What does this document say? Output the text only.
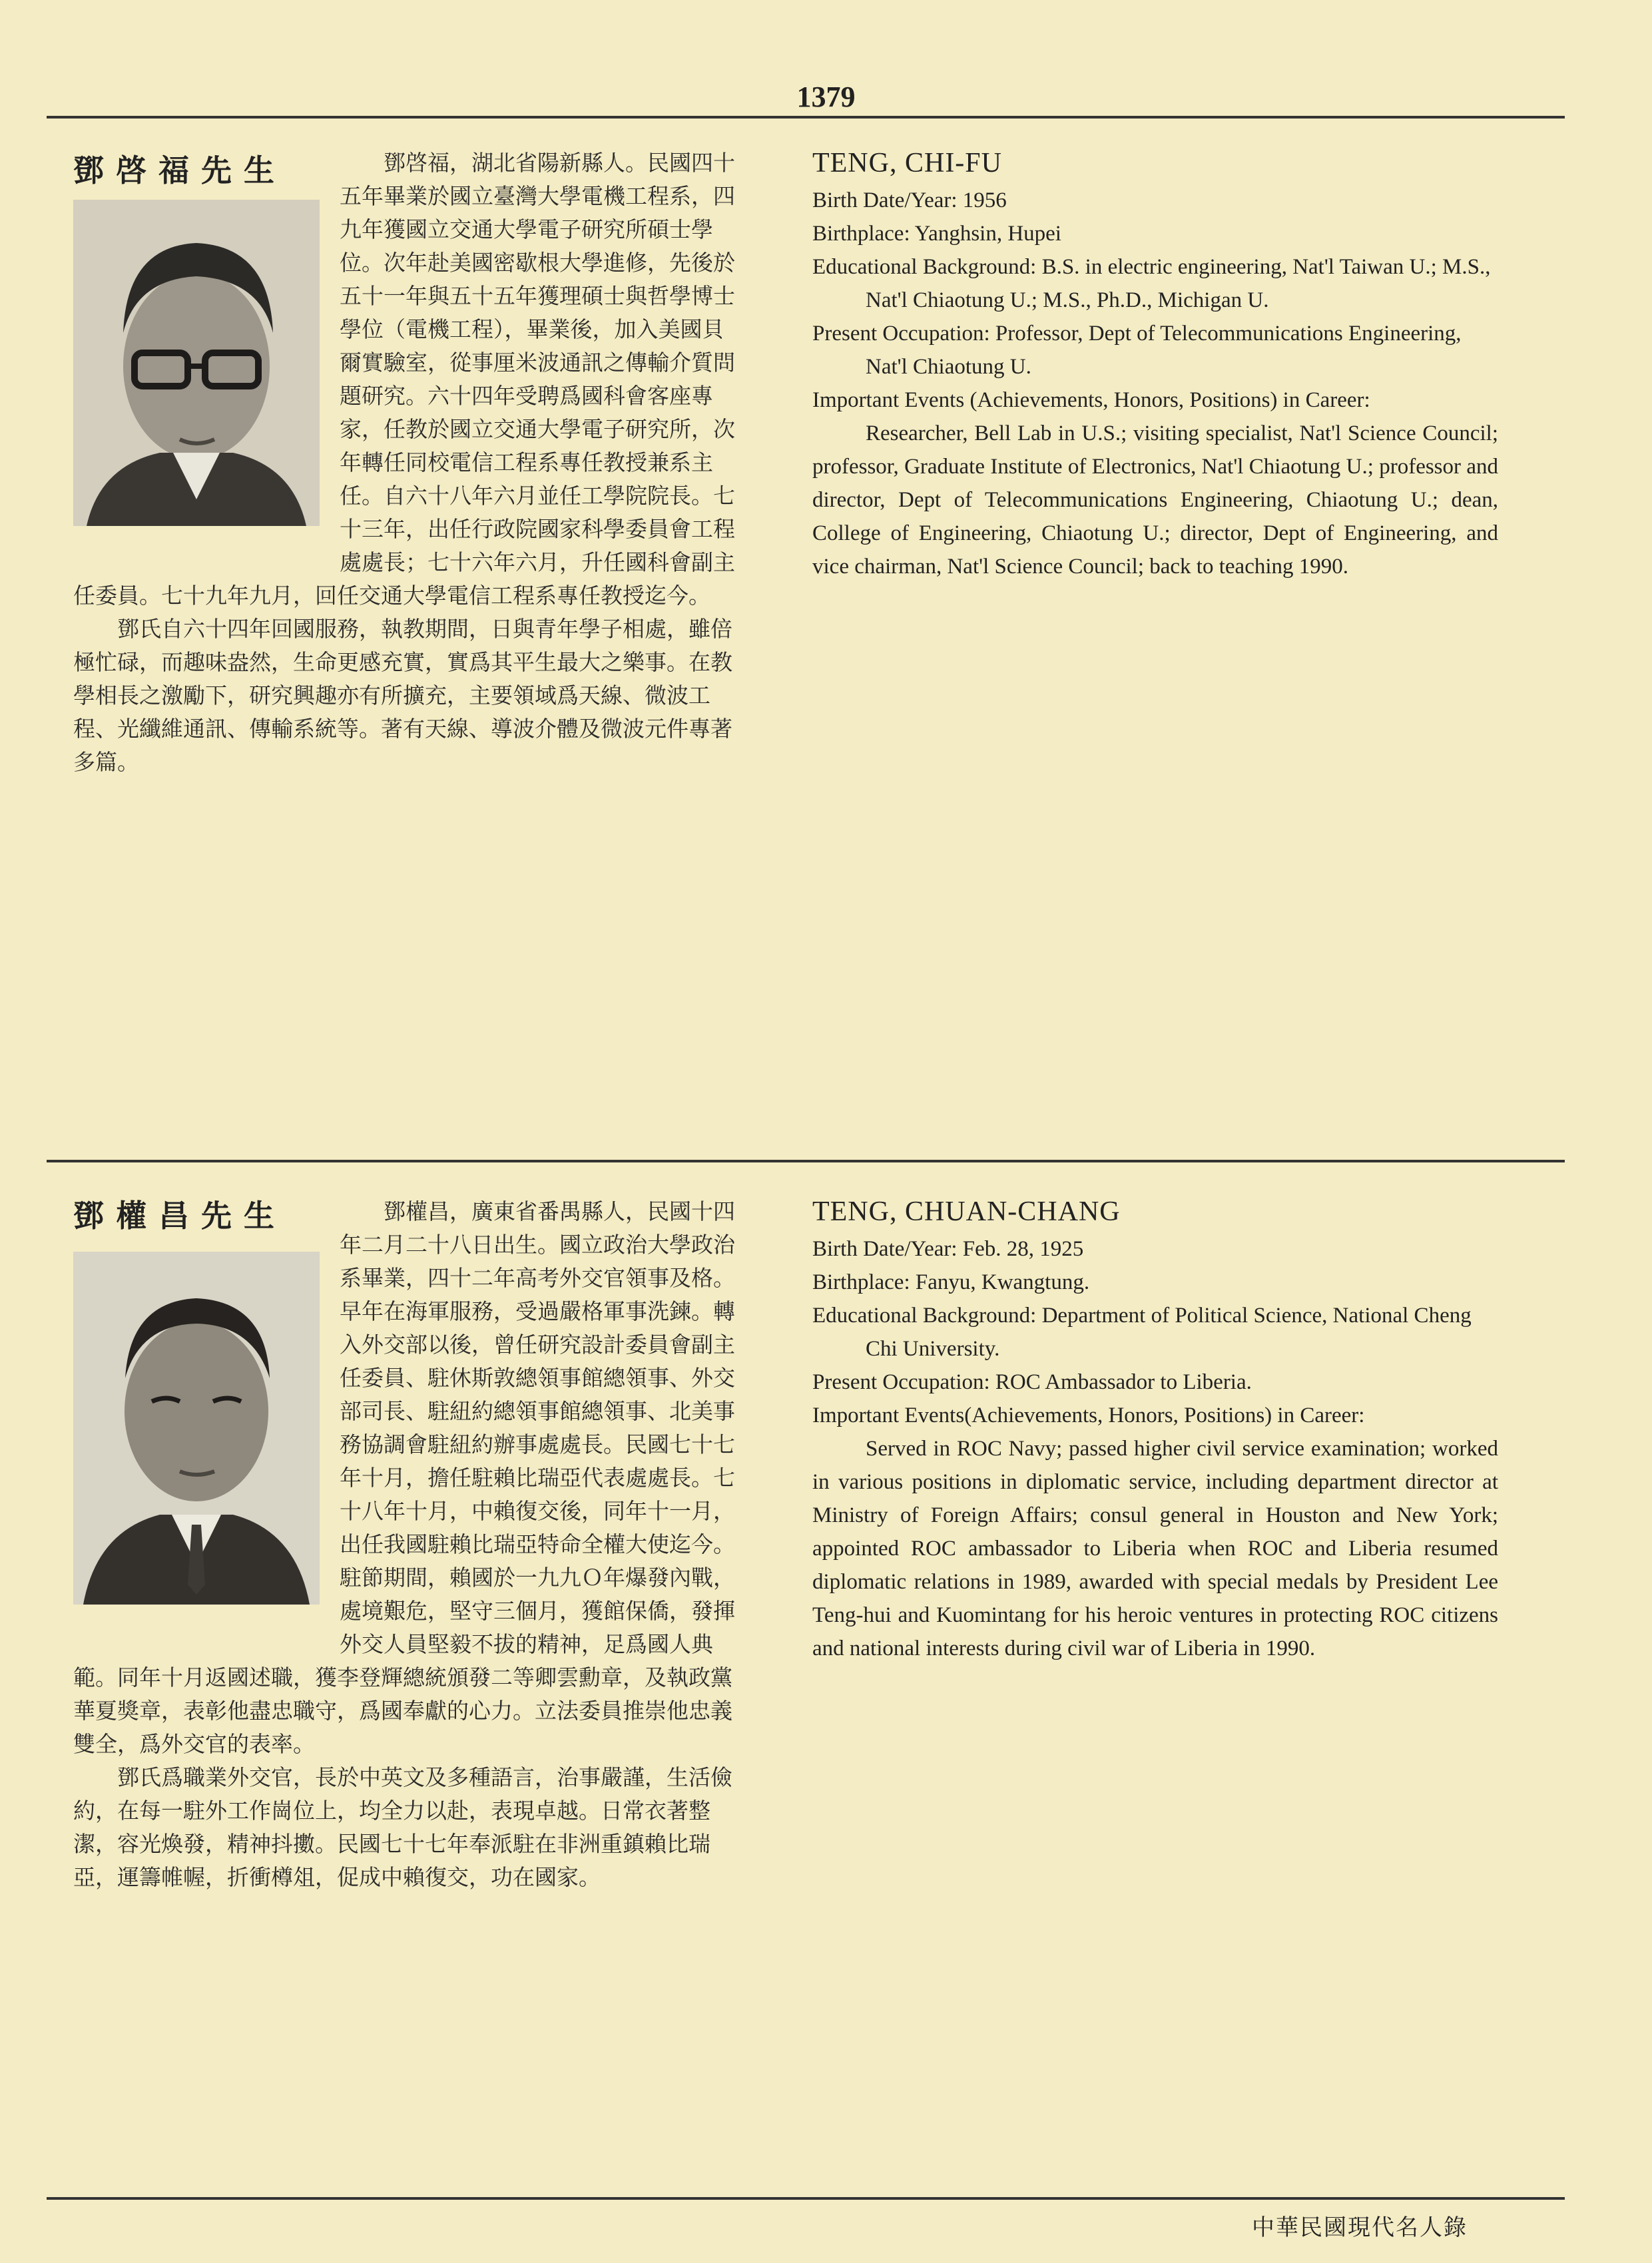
1379

鄧啓福，湖北省陽新縣人。民國四十五年畢業於國立臺灣大學電機工程系，四九年獲國立交通大學電子研究所碩士學位。次年赴美國密歇根大學進修，先後於五十一年與五十五年獲理碩士與哲學博士學位（電機工程），畢業後，加入美國貝爾實驗室，從事厘米波通訊之傳輸介質問題研究。六十四年受聘爲國科會客座專家，任教於國立交通大學電子研究所，次年轉任同校電信工程系專任教授兼系主任。自六十八年六月並任工學院院長。七十三年，出任行政院國家科學委員會工程處處長；七十六年六月，升任國科會副主任委員。七十九年九月，回任交通大學電信工程系專任教授迄今。

鄧氏自六十四年回國服務，執教期間，日與青年學子相處，雖倍極忙碌，而趣味盎然，生命更感充實，實爲其平生最大之樂事。在教學相長之激勵下，研究興趣亦有所擴充，主要領域爲天線、微波工程、光纖維通訊、傳輸系統等。著有天線、導波介體及微波元件專著多篇。

鄧啓福先生	TENG, CHI-FU
Birth Date/Year: 1956
Birthplace: Yanghsin, Hupei
Educational Background: B.S. in electric engineering, Nat'l Taiwan U.; M.S., Nat'l Chiaotung U.; M.S., Ph.D., Michigan U.
Present Occupation: Professor, Dept of Telecommunications Engineering, Nat'l Chiaotung U.
Important Events (Achievements, Honors, Positions) in Career:

Researcher, Bell Lab in U.S.; visiting specialist, Nat'l Science Council; professor, Graduate Institute of Electronics, Nat'l Chiaotung U.; professor and director, Dept of Telecommunications Engineering, Chiaotung U.; dean, College of Engineering, Chiaotung U.; director, Dept of Engineering, and vice chairman, Nat'l Science Council; back to teaching 1990.

鄧權昌，廣東省番禺縣人，民國十四年二月二十八日出生。國立政治大學政治系畢業，四十二年高考外交官領事及格。早年在海軍服務，受過嚴格軍事洗鍊。轉入外交部以後，曾任研究設計委員會副主任委員、駐休斯敦總領事館總領事、外交部司長、駐紐約總領事館總領事、北美事務協調會駐紐約辦事處處長。民國七十七年十月，擔任駐賴比瑞亞代表處處長。七十八年十月，中賴復交後，同年十一月，出任我國駐賴比瑞亞特命全權大使迄今。駐節期間，賴國於一九九Ｏ年爆發內戰，處境艱危，堅守三個月，獲館保僑，發揮外交人員堅毅不拔的精神，足爲國人典範。同年十月返國述職，獲李登輝總統頒發二等卿雲勳章，及執政黨華夏獎章，表彰他盡忠職守，爲國奉獻的心力。立法委員推崇他忠義雙全，爲外交官的表率。

鄧氏爲職業外交官，長於中英文及多種語言，治事嚴謹，生活儉約，在每一駐外工作崗位上，均全力以赴，表現卓越。日常衣著整潔，容光煥發，精神抖擻。民國七十七年奉派駐在非洲重鎮賴比瑞亞，運籌帷幄，折衝樽俎，促成中賴復交，功在國家。

鄧權昌先生	TENG, CHUAN-CHANG
Birth Date/Year: Feb. 28, 1925
Birthplace: Fanyu, Kwangtung.
Educational Background: Department of Political Science, National Cheng Chi University.
Present Occupation: ROC Ambassador to Liberia.
Important Events(Achievements, Honors, Positions) in Career:

Served in ROC Navy; passed higher civil service examination; worked in various positions in diplomatic service, including department director at Ministry of Foreign Affairs; consul general in Houston and New York; appointed ROC ambassador to Liberia when ROC and Liberia resumed diplomatic relations in 1989, awarded with special medals by President Lee Teng-hui and Kuomintang for his heroic ventures in protecting ROC citizens and national interests during civil war of Liberia in 1990.

中華民國現代名人錄
